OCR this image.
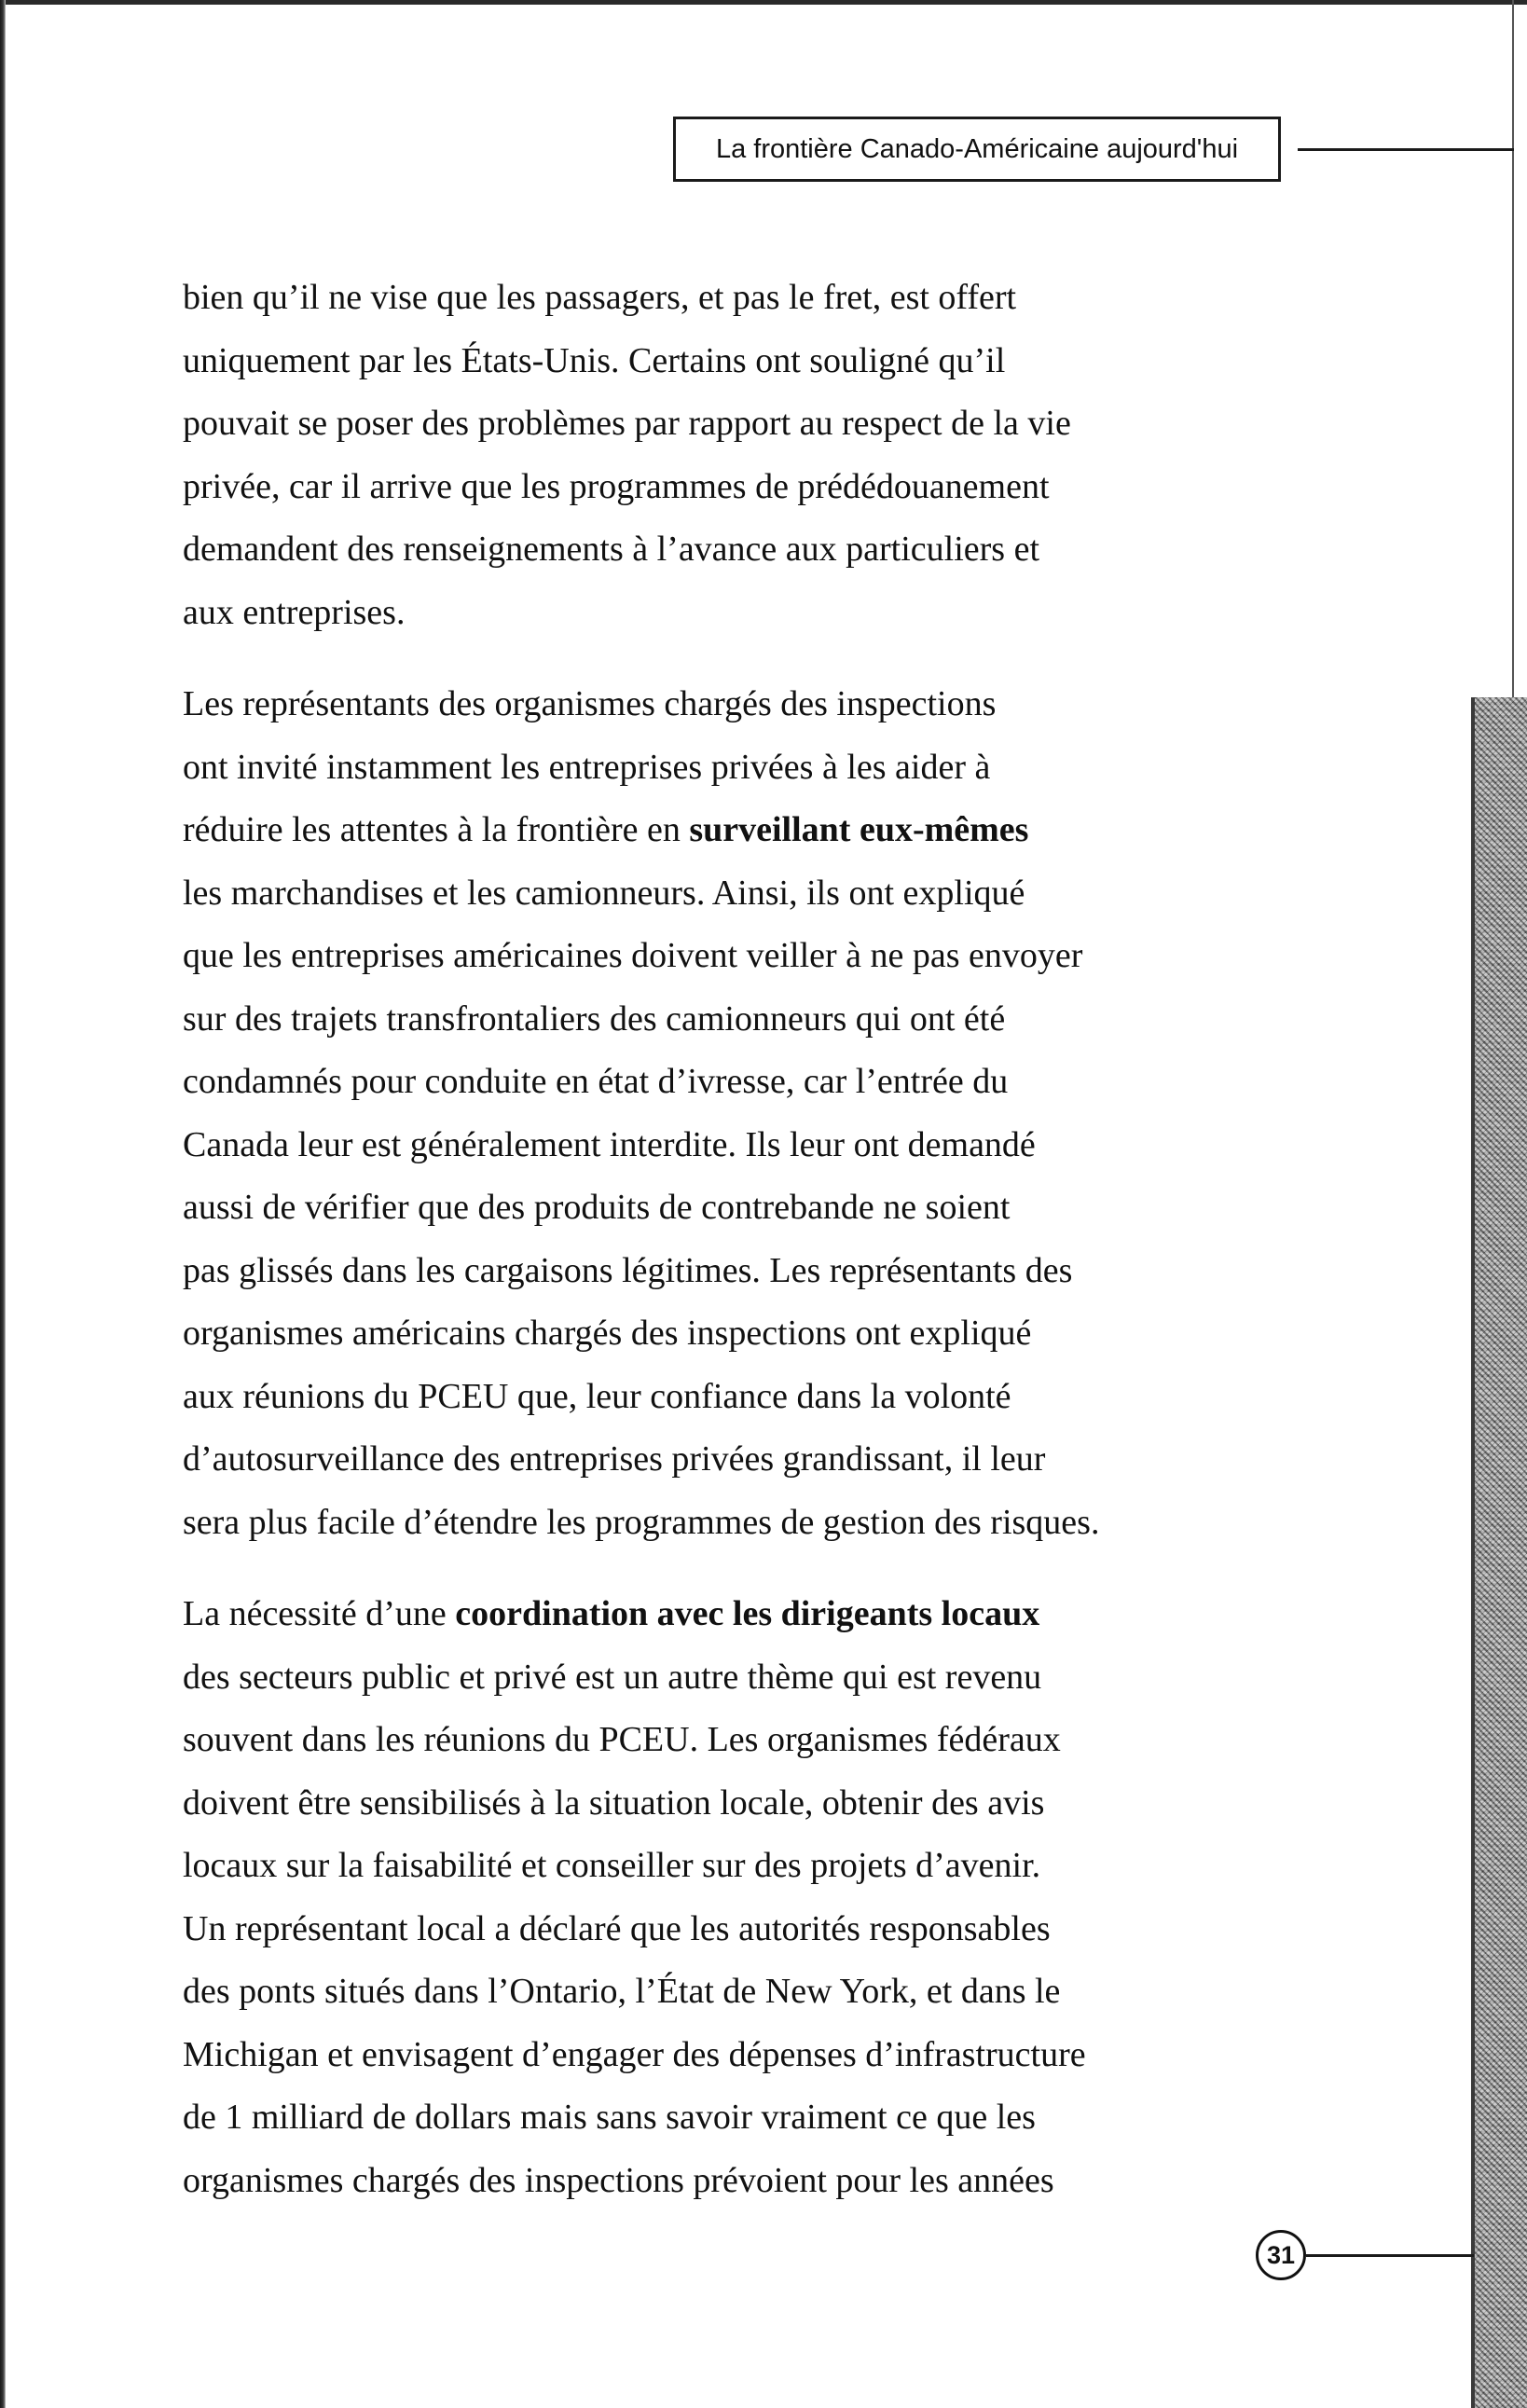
La frontière Canado-Américaine aujourd'hui

bien qu’il ne vise que les passagers, et pas le fret, est offert
uniquement par les États-Unis. Certains ont souligné qu’il
pouvait se poser des problèmes par rapport au respect de la vie
privée, car il arrive que les programmes de prédédouanement
demandent des renseignements à l’avance aux particuliers et
aux entreprises.

Les représentants des organismes chargés des inspections
ont invité instamment les entreprises privées à les aider à
réduire les attentes à la frontière en surveillant eux-mêmes
les marchandises et les camionneurs. Ainsi, ils ont expliqué
que les entreprises américaines doivent veiller à ne pas envoyer
sur des trajets transfrontaliers des camionneurs qui ont été
condamnés pour conduite en état d’ivresse, car l’entrée du
Canada leur est généralement interdite. Ils leur ont demandé
aussi de vérifier que des produits de contrebande ne soient
pas glissés dans les cargaisons légitimes. Les représentants des
organismes américains chargés des inspections ont expliqué
aux réunions du PCEU que, leur confiance dans la volonté
d’autosurveillance des entreprises privées grandissant, il leur
sera plus facile d’étendre les programmes de gestion des risques.

La nécessité d’une coordination avec les dirigeants locaux
des secteurs public et privé est un autre thème qui est revenu
souvent dans les réunions du PCEU. Les organismes fédéraux
doivent être sensibilisés à la situation locale, obtenir des avis
locaux sur la faisabilité et conseiller sur des projets d’avenir.
Un représentant local a déclaré que les autorités responsables
des ponts situés dans l’Ontario, l’État de New York, et dans le
Michigan et envisagent d’engager des dépenses d’infrastructure
de 1 milliard de dollars mais sans savoir vraiment ce que les
organismes chargés des inspections prévoient pour les années

31
